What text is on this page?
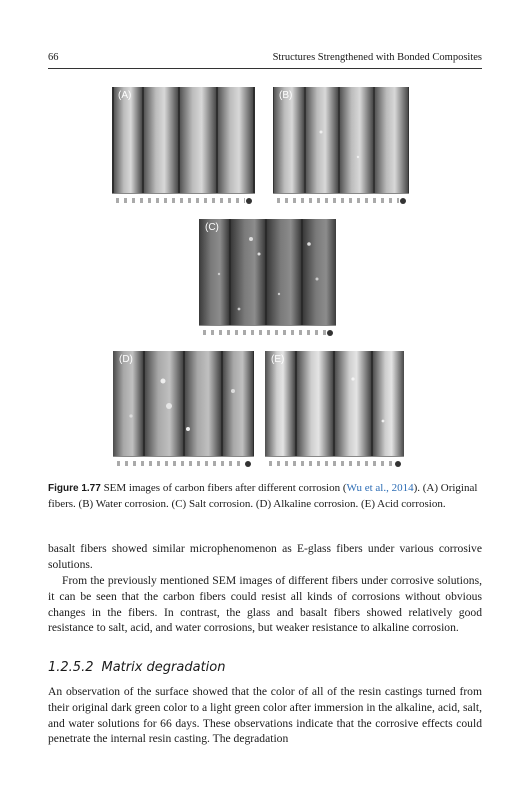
66	Structures Strengthened with Bonded Composites
(A)	(B)
(C)
(D)	(E)
Figure 1.77 SEM images of carbon fibers after different corrosion (Wu et al., 2014). (A) Original fibers. (B) Water corrosion. (C) Salt corrosion. (D) Alkaline corrosion. (E) Acid corrosion.

basalt fibers showed similar microphenomenon as E-glass fibers under various corrosive solutions.

From the previously mentioned SEM images of different fibers under corrosive solutions, it can be seen that the carbon fibers could resist all kinds of corrosions without obvious changes in the fibers. In contrast, the glass and basalt fibers showed relatively good resistance to salt, acid, and water corrosions, but weaker resistance to alkaline corrosion.

1.2.5.2 Matrix degradation

An observation of the surface showed that the color of all of the resin castings turned from their original dark green color to a light green color after immersion in the alkaline, acid, salt, and water solutions for 66 days. These observations indicate that the corrosive effects could penetrate the internal resin casting. The degradation
